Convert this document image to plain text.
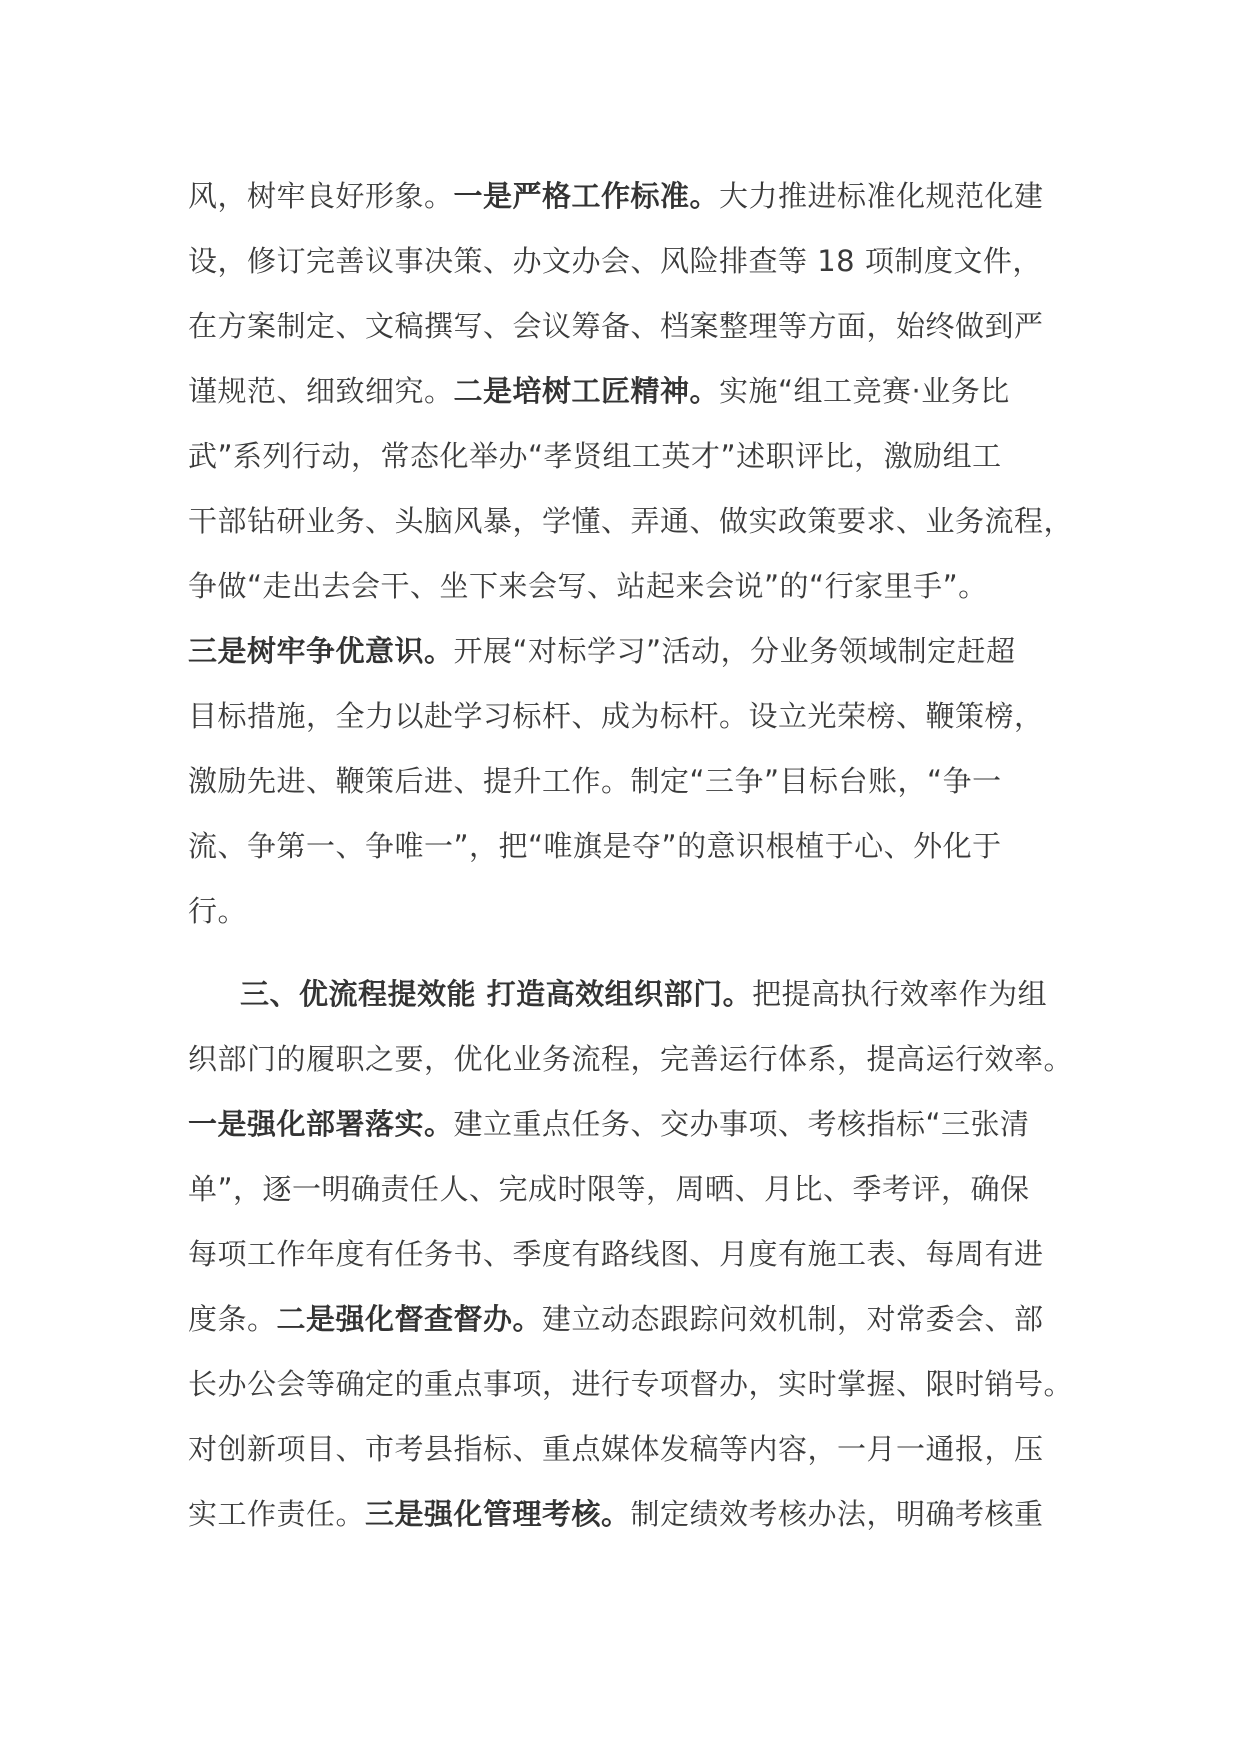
风，树牢良好形象。一是严格工作标准。大力推进标准化规范化建
设，修订完善议事决策、办文办会、风险排查等 18 项制度文件，
在方案制定、文稿撰写、会议筹备、档案整理等方面，始终做到严
谨规范、细致细究。二是培树工匠精神。实施“组工竞赛·业务比
武”系列行动，常态化举办“孝贤组工英才”述职评比，激励组工
干部钻研业务、头脑风暴，学懂、弄通、做实政策要求、业务流程，
争做“走出去会干、坐下来会写、站起来会说”的“行家里手”。
三是树牢争优意识。开展“对标学习”活动，分业务领域制定赶超
目标措施，全力以赴学习标杆、成为标杆。设立光荣榜、鞭策榜，
激励先进、鞭策后进、提升工作。制定“三争”目标台账，“争一
流、争第一、争唯一”，把“唯旗是夺”的意识根植于心、外化于
行。
三、优流程提效能 打造高效组织部门。把提高执行效率作为组
织部门的履职之要，优化业务流程，完善运行体系，提高运行效率。
一是强化部署落实。建立重点任务、交办事项、考核指标“三张清
单”，逐一明确责任人、完成时限等，周晒、月比、季考评，确保
每项工作年度有任务书、季度有路线图、月度有施工表、每周有进
度条。二是强化督查督办。建立动态跟踪问效机制，对常委会、部
长办公会等确定的重点事项，进行专项督办，实时掌握、限时销号。
对创新项目、市考县指标、重点媒体发稿等内容，一月一通报，压
实工作责任。三是强化管理考核。制定绩效考核办法，明确考核重
